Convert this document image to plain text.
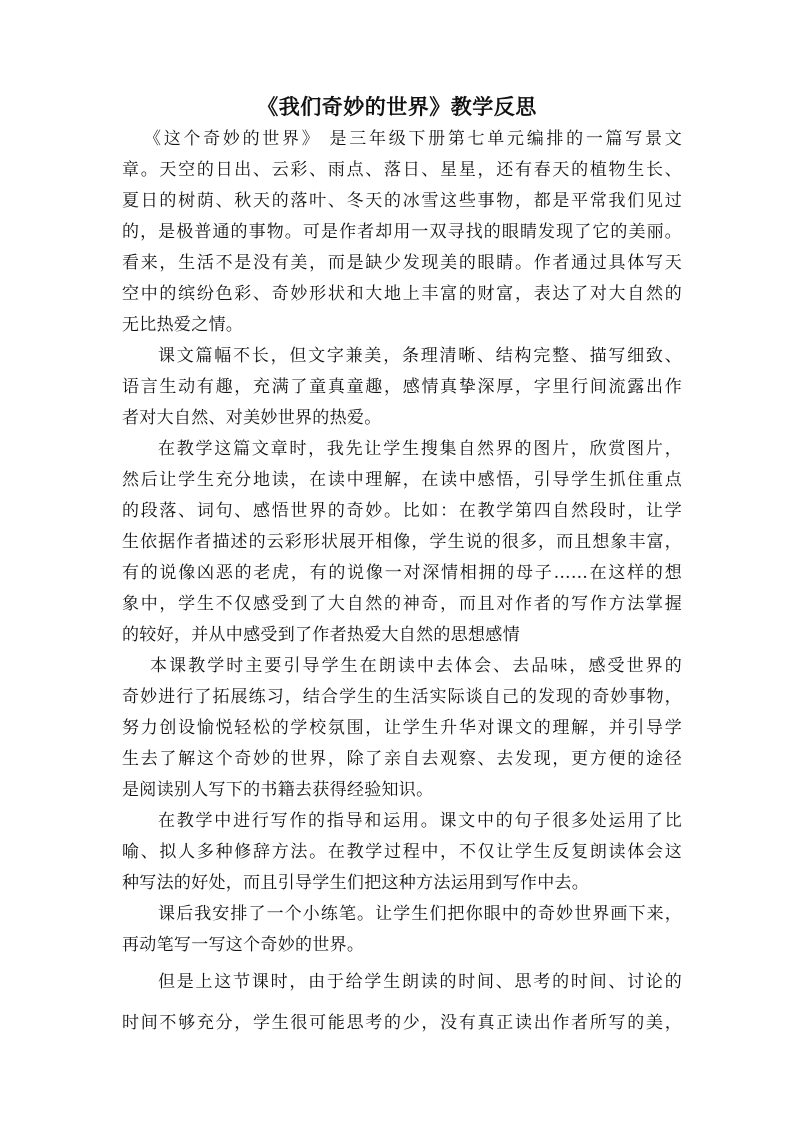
《我们奇妙的世界》教学反思
《这个奇妙的世界》 是三年级下册第七单元编排的一篇写景文
章。天空的日出、云彩、雨点、落日、星星，还有春天的植物生长、
夏日的树荫、秋天的落叶、冬天的冰雪这些事物，都是平常我们见过
的，是极普通的事物。可是作者却用一双寻找的眼睛发现了它的美丽。
看来，生活不是没有美，而是缺少发现美的眼睛。作者通过具体写天
空中的缤纷色彩、奇妙形状和大地上丰富的财富，表达了对大自然的
无比热爱之情。
课文篇幅不长，但文字兼美，条理清晰、结构完整、描写细致、
语言生动有趣，充满了童真童趣，感情真挚深厚，字里行间流露出作
者对大自然、对美妙世界的热爱。
在教学这篇文章时，我先让学生搜集自然界的图片，欣赏图片，
然后让学生充分地读，在读中理解，在读中感悟，引导学生抓住重点
的段落、词句、感悟世界的奇妙。比如：在教学第四自然段时，让学
生依据作者描述的云彩形状展开相像，学生说的很多，而且想象丰富，
有的说像凶恶的老虎，有的说像一对深情相拥的母子……在这样的想
象中，学生不仅感受到了大自然的神奇，而且对作者的写作方法掌握
的较好，并从中感受到了作者热爱大自然的思想感情
本课教学时主要引导学生在朗读中去体会、去品味，感受世界的
奇妙进行了拓展练习，结合学生的生活实际谈自己的发现的奇妙事物，
努力创设愉悦轻松的学校氛围，让学生升华对课文的理解，并引导学
生去了解这个奇妙的世界，除了亲自去观察、去发现，更方便的途径
是阅读别人写下的书籍去获得经验知识。
在教学中进行写作的指导和运用。课文中的句子很多处运用了比
喻、拟人多种修辞方法。在教学过程中，不仅让学生反复朗读体会这
种写法的好处，而且引导学生们把这种方法运用到写作中去。
课后我安排了一个小练笔。让学生们把你眼中的奇妙世界画下来，
再动笔写一写这个奇妙的世界。
但是上这节课时，由于给学生朗读的时间、思考的时间、讨论的
时间不够充分，学生很可能思考的少，没有真正读出作者所写的美，
